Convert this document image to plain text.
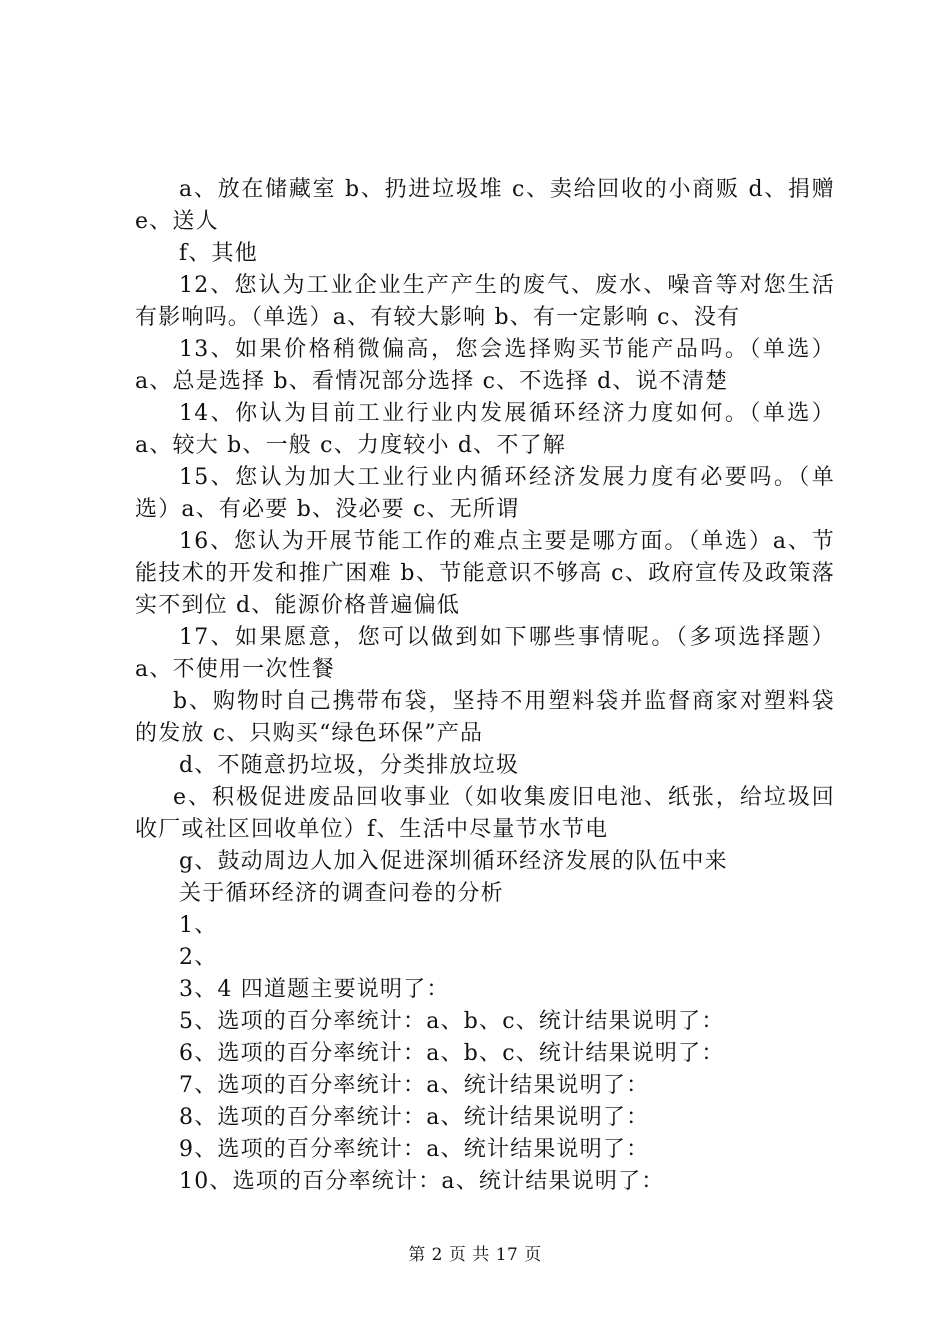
a、放在储藏室 b、扔进垃圾堆 c、卖给回收的小商贩 d、捐赠 e、送人

f、其他

12、您认为工业企业生产产生的废气、废水、噪音等对您生活有影响吗。（单选）a、有较大影响 b、有一定影响 c、没有

13、如果价格稍微偏高，您会选择购买节能产品吗。（单选）a、总是选择 b、看情况部分选择 c、不选择 d、说不清楚

14、你认为目前工业行业内发展循环经济力度如何。（单选）a、较大 b、一般 c、力度较小 d、不了解

15、您认为加大工业行业内循环经济发展力度有必要吗。（单选）a、有必要 b、没必要 c、无所谓

16、您认为开展节能工作的难点主要是哪方面。（单选）a、节能技术的开发和推广困难 b、节能意识不够高 c、政府宣传及政策落实不到位 d、能源价格普遍偏低

17、如果愿意，您可以做到如下哪些事情呢。（多项选择题）a、不使用一次性餐

b、购物时自己携带布袋，坚持不用塑料袋并监督商家对塑料袋的发放 c、只购买“绿色环保”产品

d、不随意扔垃圾，分类排放垃圾

e、积极促进废品回收事业（如收集废旧电池、纸张，给垃圾回收厂或社区回收单位）f、生活中尽量节水节电

g、鼓动周边人加入促进深圳循环经济发展的队伍中来

关于循环经济的调查问卷的分析

1、

2、

3、4 四道题主要说明了：

5、选项的百分率统计：a、b、c、统计结果说明了：

6、选项的百分率统计：a、b、c、统计结果说明了：

7、选项的百分率统计：a、统计结果说明了：

8、选项的百分率统计：a、统计结果说明了：

9、选项的百分率统计：a、统计结果说明了：

10、选项的百分率统计：a、统计结果说明了：

第 2 页 共 17 页
